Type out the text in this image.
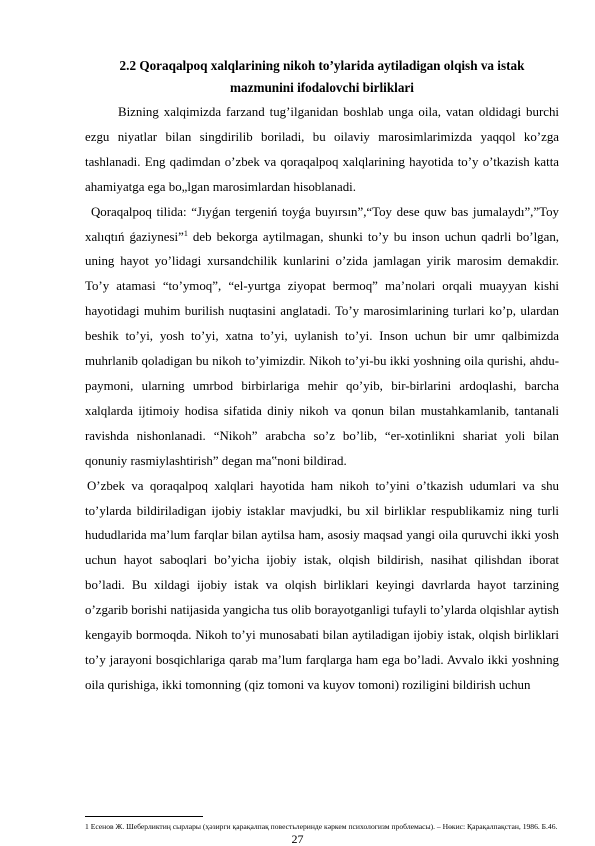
2.2 Qoraqalpoq xalqlarining nikoh to’ylarida aytiladigan olqish va istak
mazmunini ifodalovchi birliklari

Bizning xalqimizda farzand tug’ilganidan boshlab unga oila, vatan oldidagi burchi ezgu niyatlar bilan singdirilib boriladi, bu oilaviy marosimlarimizda yaqqol ko’zga tashlanadi. Eng qadimdan o’zbek va qoraqalpoq xalqlarining hayotida to’y o’tkazish katta ahamiyatga ega bo„lgan marosimlardan hisoblanadi.

Qoraqalpoq tilida: “Jıyǵan tergeniń toyǵa buyırsın”,“Toy dese quw bas jumalaydı”,”Toy xalıqtıń ǵaziynesi”$^1$ deb bekorga aytilmagan, shunki to’y bu inson uchun qadrli bo’lgan, uning hayot yo’lidagi xursandchilik kunlarini o’zida jamlagan yirik marosim demakdir. To’y atamasi “to’ymoq”, “el-yurtga ziyopat bermoq” ma’nolari orqali muayyan kishi hayotidagi muhim burilish nuqtasini anglatadi. To’y marosimlarining turlari ko’p, ulardan beshik to’yi, yosh to’yi, xatna to’yi, uylanish to’yi. Inson uchun bir umr qalbimizda muhrlanib qoladigan bu nikoh to’yimizdir. Nikoh to’yi-bu ikki yoshning oila qurishi, ahdu-paymoni, ularning umrbod birbirlariga mehir qo’yib, bir-birlarini ardoqlashi, barcha xalqlarda ijtimoiy hodisa sifatida diniy nikoh va qonun bilan mustahkamlanib, tantanali ravishda nishonlanadi. “Nikoh” arabcha so’z bo’lib, “er-xotinlikni shariat yoli bilan qonuniy rasmiylashtirish” degan ma‟noni bildirad.

O’zbek va qoraqalpoq xalqlari hayotida ham nikoh to’yini o’tkazish udumlari va shu to’ylarda bildiriladigan ijobiy istaklar mavjudki, bu xil birliklar respublikamiz ning turli hududlarida ma’lum farqlar bilan aytilsa ham, asosiy maqsad yangi oila quruvchi ikki yosh uchun hayot saboqlari bo’yicha ijobiy istak, olqish bildirish, nasihat qilishdan iborat bo’ladi. Bu xildagi ijobiy istak va olqish birliklari keyingi davrlarda hayot tarzining o’zgarib borishi natijasida yangicha tus olib borayotganligi tufayli to’ylarda olqishlar aytish kengayib bormoqda. Nikoh to’yi munosabati bilan aytiladigan ijobiy istak, olqish birliklari to’y jarayoni bosqichlariga qarab ma’lum farqlarga ham ega bo’ladi. Avvalo ikki yoshning oila qurishiga, ikki tomonning (qiz tomoni va kuyov tomoni) roziligini bildirish uchun

1 Есенов Ж. Шеберликтиң сырлары (ҳәзирги қарақалпақ повестьлеринде кәркем психологизм проблемасы). – Нөкис: Қарақалпақстан, 1986. Б.46.
27
